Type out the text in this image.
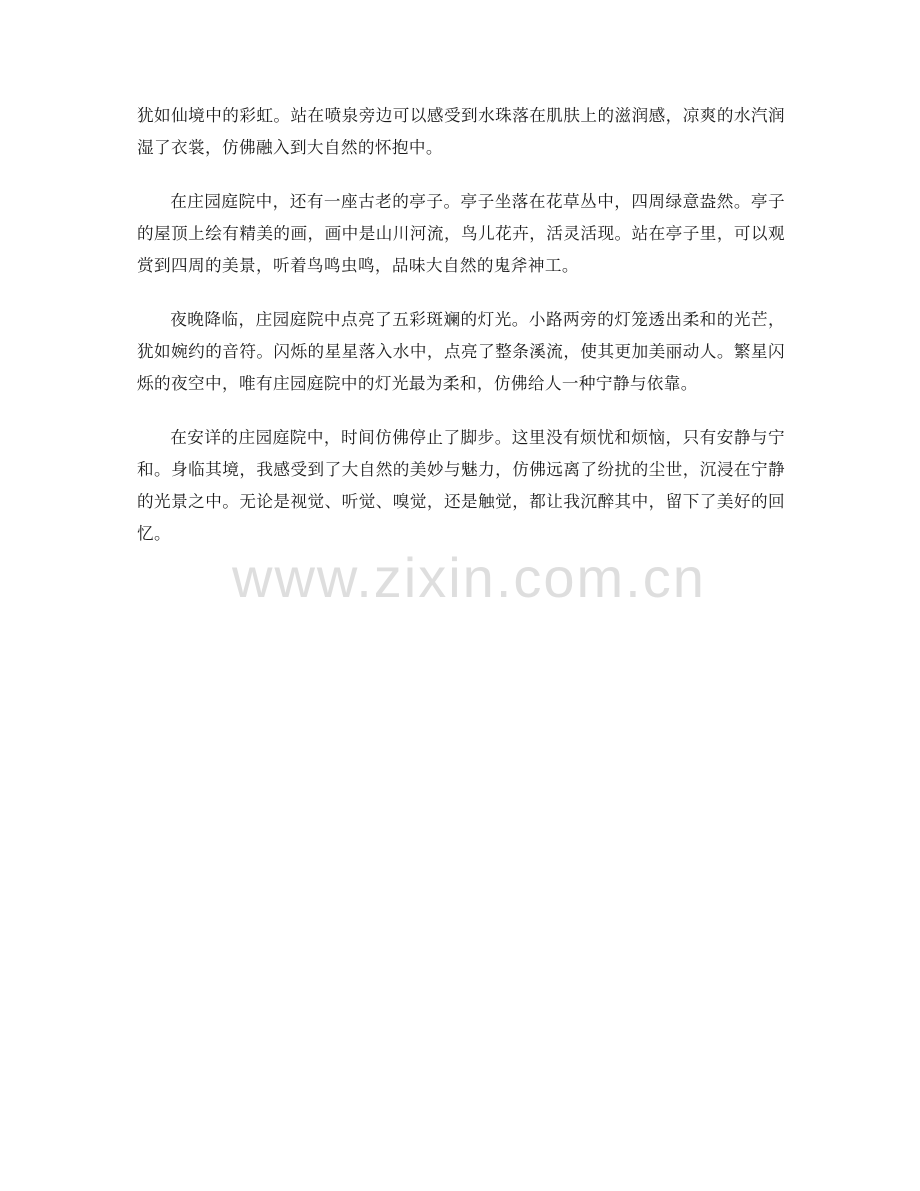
犹如仙境中的彩虹。站在喷泉旁边可以感受到水珠落在肌肤上的滋润感，凉爽的水汽润湿了衣裳，仿佛融入到大自然的怀抱中。

在庄园庭院中，还有一座古老的亭子。亭子坐落在花草丛中，四周绿意盎然。亭子的屋顶上绘有精美的画，画中是山川河流，鸟儿花卉，活灵活现。站在亭子里，可以观赏到四周的美景，听着鸟鸣虫鸣，品味大自然的鬼斧神工。

夜晚降临，庄园庭院中点亮了五彩斑斓的灯光。小路两旁的灯笼透出柔和的光芒，犹如婉约的音符。闪烁的星星落入水中，点亮了整条溪流，使其更加美丽动人。繁星闪烁的夜空中，唯有庄园庭院中的灯光最为柔和，仿佛给人一种宁静与依靠。

在安详的庄园庭院中，时间仿佛停止了脚步。这里没有烦忧和烦恼，只有安静与宁和。身临其境，我感受到了大自然的美妙与魅力，仿佛远离了纷扰的尘世，沉浸在宁静的光景之中。无论是视觉、听觉、嗅觉，还是触觉，都让我沉醉其中，留下了美好的回忆。

www.zixin.com.cn
